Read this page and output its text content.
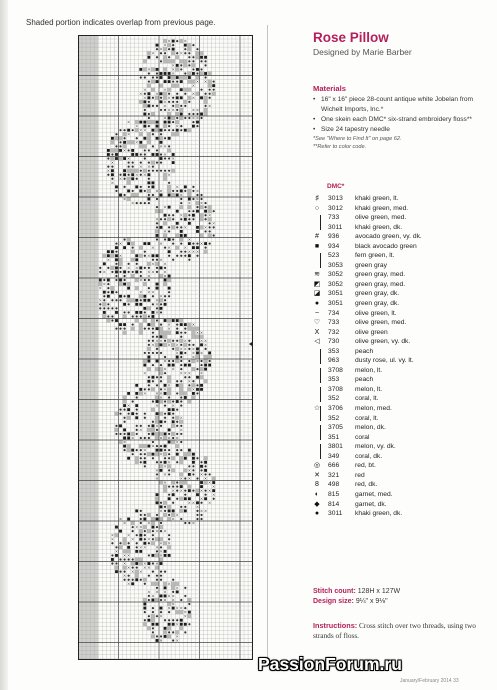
Shaded portion indicates overlap from previous page.
Rose Pillow
Designed by Marie Barber
Materials
• 16" x 16" piece 28-count antique white Jobelan from Wichelt Imports, Inc.*
• One skein each DMC* six-strand embroidery floss**
• Size 24 tapestry needle
*See "Where to Find It" on page 62.
**Refer to color code.
DMC*
♯	3013	khaki green, lt.
○	3012	khaki green, med.
733	olive green, med.
3011	khaki green, dk.
#	936	avocado green, vy. dk.
■	934	black avocado green
523	fern green, lt.
3053	green gray
≋	3052	green gray, med.
◩	3052	green gray, med.
◪	3051	green gray, dk.
●	3051	green gray, dk.
~	734	olive green, lt.
♡	733	olive green, med.
X	732	olive green
◁	730	olive green, vy. dk.
353	peach
963	dusty rose, ul. vy. lt.
3708	melon, lt.
353	peach
3708	melon, lt.
352	coral, lt.
☆	3706	melon, med.
352	coral, lt.
3705	melon, dk.
351	coral
3801	melon, vy. dk.
349	coral, dk.
◎	666	red, bt.
✕	321	red
8	498	red, dk.
◐	815	garnet, med.
◆	814	garnet, dk.
●	3011	khaki green, dk.
Stitch count: 128H x 127W
Design size: 9¼" x 9⅛"
Instructions: Cross stitch over two threads, using two strands of floss.
January/February 2014 33
PassionForum.ru
